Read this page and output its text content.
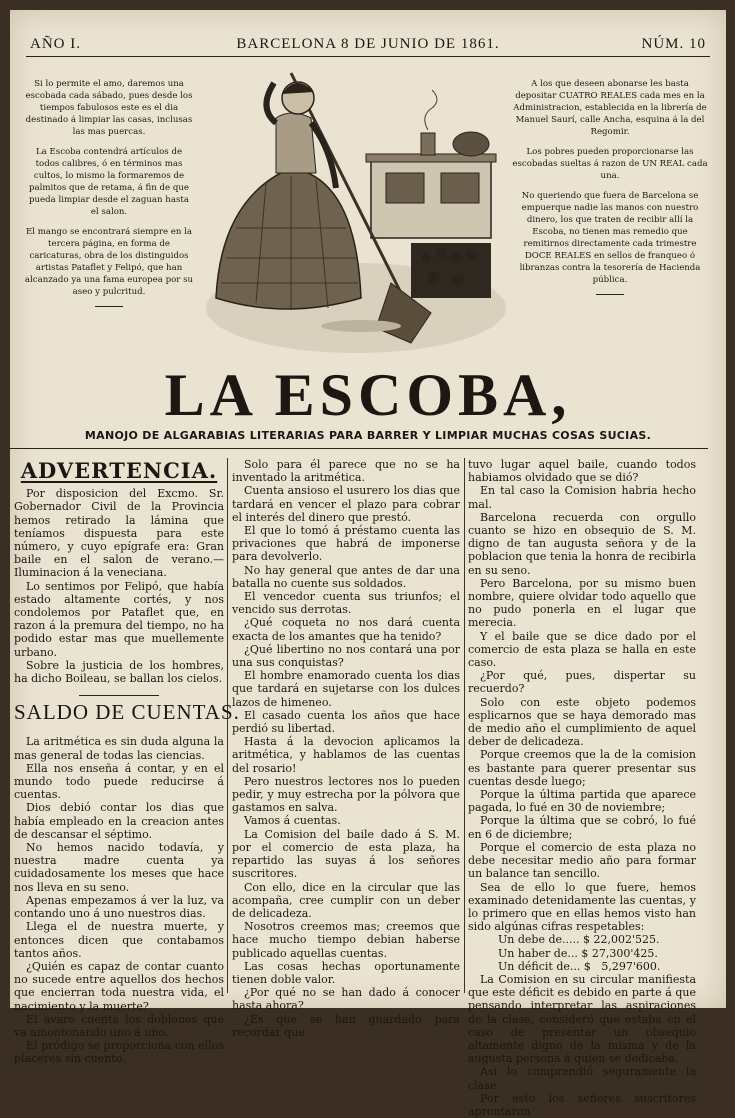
AÑO I.	BARCELONA 8 DE JUNIO DE 1861.	NÚM. 10

Si lo permite el amo, daremos una escobada cada sábado, pues desde los tiempos fabulosos este es el dia destinado á limpiar las casas, inclusas las mas puercas.

La Escoba contendrá artículos de todos calibres, ó en términos mas cultos, lo mismo la formaremos de palmitos que de retama, á fin de que pueda limpiar desde el zaguan hasta el salon.

El mango se encontrará siempre en la tercera página, en forma de caricaturas, obra de los distinguidos artistas Pataflet y Felipó, que han alcanzado ya una fama europea por su aseo y pulcritud.

A los que deseen abonarse les basta depositar CUATRO REALES cada mes en la Administracion, establecida en la librería de Manuel Saurí, calle Ancha, esquina á la del Regomir.

Los pobres pueden proporcionarse las escobadas sueltas á razon de UN REAL cada una.

No queriendo que fuera de Barcelona se empuerque nadie las manos con nuestro dinero, los que traten de recibir allí la Escoba, no tienen mas remedio que remitirnos directamente cada trimestre DOCE REALES en sellos de franqueo ó libranzas contra la tesorería de Hacienda pública.

LA ESCOBA,
MANOJO DE ALGARABIAS LITERARIAS PARA BARRER Y LIMPIAR MUCHAS COSAS SUCIAS.
ADVERTENCIA.

Por disposicion del Excmo. Sr. Gobernador Civil de la Provincia hemos retirado la lámina que teníamos dispuesta para este número, y cuyo epígrafe era: Gran baile en el salon de verano.—Iluminacion á la veneciana.

Lo sentimos por Felipó, que había estado altamente cortés, y nos condolemos por Pataflet que, en razon á la premura del tiempo, no ha podido estar mas que muellemente urbano.

Sobre la justicia de los hombres, ha dicho Boileau, se ballan los cielos.

SALDO DE CUENTAS.

La aritmética es sin duda alguna la mas general de todas las ciencias.

Ella nos enseña á contar, y en el mundo todo puede reducirse á cuentas.

Dios debió contar los dias que había empleado en la creacion antes de descansar el séptimo.

No hemos nacido todavía, y nuestra madre cuenta ya cuidadosamente los meses que hace nos lleva en su seno.

Apenas empezamos á ver la luz, va contando uno á uno nuestros dias.

Llega el de nuestra muerte, y entonces dicen que contabamos tantos años.

¿Quién es capaz de contar cuanto no sucede entre aquellos dos hechos que encierran toda nuestra vida, el nacimiento y la muerte?

El avaro cuenta los doblones que va amontonando uno á uno.

El pródigo se proporciona con ellos placeres sin cuento.

Solo para él parece que no se ha inventado la aritmética.

Cuenta ansioso el usurero los dias que tardará en vencer el plazo para cobrar el interés del dinero que prestó.

El que lo tomó á préstamo cuenta las privaciones que habrá de imponerse para devolverlo.

No hay general que antes de dar una batalla no cuente sus soldados.

El vencedor cuenta sus triunfos; el vencido sus derrotas.

¿Qué coqueta no nos dará cuenta exacta de los amantes que ha tenido?

¿Qué libertino no nos contará una por una sus conquistas?

El hombre enamorado cuenta los dias que tardará en sujetarse con los dulces lazos de himeneo.

El casado cuenta los años que hace perdió su libertad.

Hasta á la devocion aplicamos la aritmética, y hablamos de las cuentas del rosario!

Pero nuestros lectores nos lo pueden pedir, y muy estrecha por la pólvora que gastamos en salva.

Vamos á cuentas.

La Comision del baile dado á S. M. por el comercio de esta plaza, ha repartido las suyas á los señores suscritores.

Con ello, dice en la circular que las acompaña, cree cumplir con un deber de delicadeza.

Nosotros creemos mas; creemos que hace mucho tiempo debian haberse publicado aquellas cuentas.

Las cosas hechas oportunamente tienen doble valor.

¿Por qué no se han dado á conocer hasta ahora?

¿Es que se han guardado para recordar que

tuvo lugar aquel baile, cuando todos habiamos olvidado que se dió?

En tal caso la Comision habria hecho mal.

Barcelona recuerda con orgullo cuanto se hizo en obsequio de S. M. digno de tan augusta señora y de la poblacion que tenia la honra de recibirla en su seno.

Pero Barcelona, por su mismo buen nombre, quiere olvidar todo aquello que no pudo ponerla en el lugar que merecia.

Y el baile que se dice dado por el comercio de esta plaza se halla en este caso.

¿Por qué, pues, dispertar su recuerdo?

Solo con este objeto podemos esplicarnos que se haya demorado mas de medio año el cumplimiento de aquel deber de delicadeza.

Porque creemos que la de la comision es bastante para querer presentar sus cuentas desde luego;

Porque la última partida que aparece pagada, lo fué en 30 de noviembre;

Porque la última que se cobró, lo fué en 6 de diciembre;

Porque el comercio de esta plaza no debe necesitar medio año para formar un balance tan sencillo.

Sea de ello lo que fuere, hemos examinado detenidamente las cuentas, y lo primero que en ellas hemos visto han sido algúnas cifras respetables:

Un debe de..... $ 22,002'525.

Un haber de... $ 27,300'425.

Un déficit de... $   5,297'600.

La Comision en su circular manifiesta que este déficit es debido en parte á que pensando interpretar las aspiraciones de la clase, consideró que estaba en el caso de presentar un obsequio altamente digno de la misma y de la augusta persona á quien se dedicaba.

Así lo comprendió seguramente la clase.

Por esto los señores suscritores aprontaron
